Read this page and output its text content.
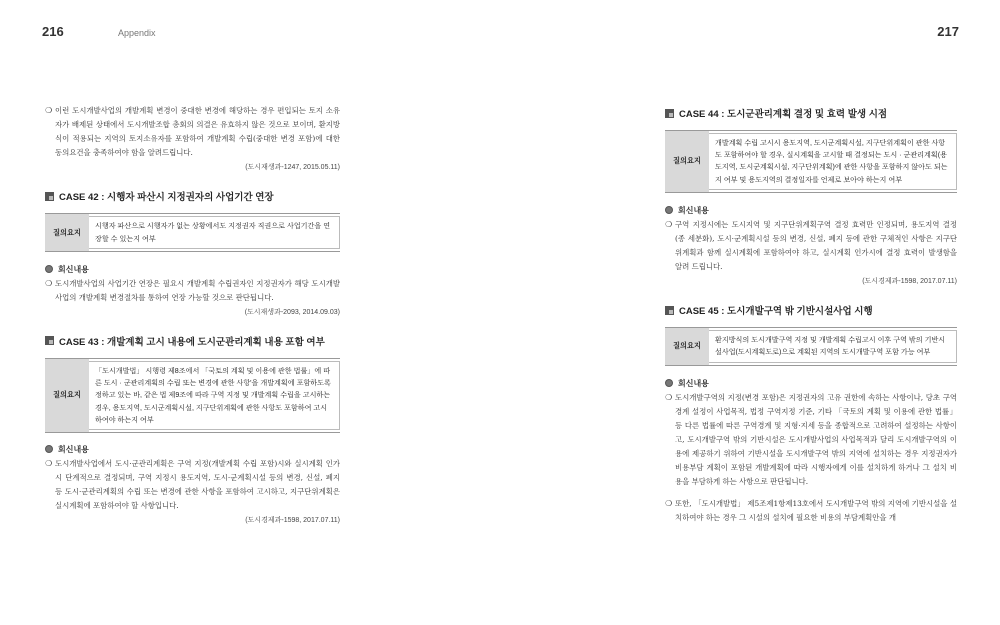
216	Appendix
❍ 이런 도시개발사업의 개발계획 변경이 중대한 변경에 해당하는 경우 편입되는 토지 소유자가 배제된 상태에서 도시개발조합 총회의 의결은 유효하지 않은 것으로 보이며, 환지방식이 적용되는 지역의 토지소유자를 포함하여 개발계획 수립(중대한 변경 포함)에 대한 동의요건을 충족하여야 함을 알려드립니다.
(도시재생과-1247, 2015.05.11)
CASE 42 : 시행자 파산시 지정권자의 사업기간 연장
질의요지
시행자 파산으로 시행자가 없는 상황에서도 지정권자 직권으로 사업기간을 연장할 수 있는지 여부
회신내용
❍ 도시개발사업의 사업기간 연장은 필요시 개발계획 수립권자인 지정권자가 해당 도시개발사업의 개발계획 변경절차를 통하여 연장 가능할 것으로 판단됩니다.
(도시재생과-2093, 2014.09.03)
CASE 43 : 개발계획 고시 내용에 도시군관리계획 내용 포함 여부
질의요지
「도시개발법」 시행령 제8조에서 「국토의 계획 및 이용에 관한 법률」에 따른 도시 · 군관리계획의 수립 또는 변경에 관한 사항'을 개발계획에 포함하도록 정하고 있는 바, 같은 법 제9조에 따라 구역 지정 및 개발계획 수립을 고시하는 경우, 용도지역, 도시군계획시설, 지구단위계획에 관한 사항도 포함하여 고시하여야 하는지 여부
회신내용
❍ 도시개발사업에서 도시·군관리계획은 구역 지정(개발계획 수립 포함)시와 실시계획 인가시 단계적으로 결정되며, 구역 지정시 용도지역, 도시·군계획시설 등의 변경, 신설, 폐지 등 도시·군관리계획의 수립 또는 변경에 관한 사항을 포함하여 고시하고, 지구단위계획은 실시계획에 포함하여야 할 사항입니다.
(도시경제과-1598, 2017.07.11)
217
CASE 44 : 도시군관리계획 결정 및 효력 발생 시점
질의요지
개발계획 수립 고시시 용도지역, 도시군계획시설, 지구단위계획이 관한 사항도 포함하여야 할 경우, 실시계획을 고시할 때 결정되는 도시 · 군관리계획(용도지역, 도시군계획시설, 지구단위계획)에 관한 사항을 포함하지 않아도 되는지 여부 및 용도지역의 결정일자를 언제로 보아야 하는지 여부
회신내용
❍ 구역 지정시에는 도시지역 및 지구단위계획구역 결정 효력만 인정되며, 용도지역 결정(종 세분화), 도시·군계획시설 등의 변경, 신설, 폐지 등에 관한 구체적인 사항은 지구단위계획과 함께 실시계획에 포함하여야 하고, 실시계획 인가시에 결정 효력이 발생함을 알려 드립니다.
(도시경제과-1598, 2017.07.11)
CASE 45 : 도시개발구역 밖 기반시설사업 시행
질의요지
환지방식의 도시개발구역 지정 및 개발계획 수립고시 이후 구역 밖의 기반시설사업(도시계획도로)으로 계획된 지역의 도시개발구역 포함 가능 여부
회신내용
❍ 도시개발구역의 지정(변경 포함)은 지정권자의 고유 권한에 속하는 사항이나, 당초 구역경계 설정이 사업목적, 법정 구역지정 기준, 기타 「국토의 계획 및 이용에 관한 법률」 등 다른 법률에 따른 구역경계 및 지형·지세 등을 종합적으로 고려하여 설정하는 사항이고, 도시개발구역 밖의 기반시설은 도시개발사업의 사업목적과 달리 도시개발구역의 이용에 제공하기 위하여 기반시설을 도시개발구역 밖의 지역에 설치하는 경우 지정권자가 비용부담 계획이 포함된 개발계획에 따라 시행자에게 이를 설치하게 하거나 그 설치 비용을 부담하게 하는 사항으로 판단됩니다.
❍ 또한, 「도시개발법」 제5조제1항제13호에서 도시개발구역 밖의 지역에 기반시설을 설치하여야 하는 경우 그 시설의 설치에 필요한 비용의 부담계획안을 개
